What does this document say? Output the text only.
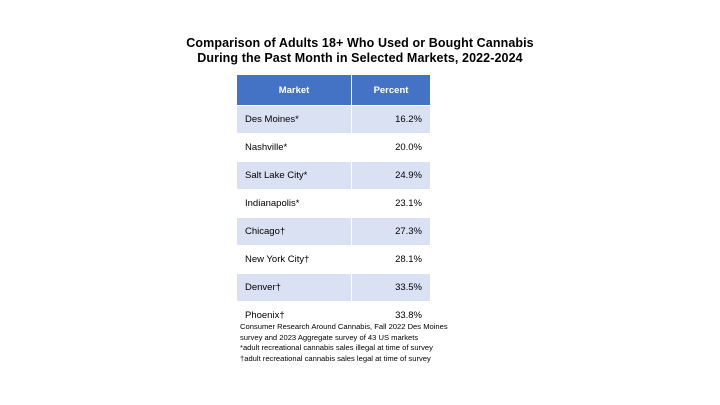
Comparison of Adults 18+ Who Used or Bought Cannabis
During the Past Month in Selected Markets, 2022-2024
Market	Percent
Des Moines*	16.2%
Nashville*	20.0%
Salt Lake City*	24.9%
Indianapolis*	23.1%
Chicago†	27.3%
New York City†	28.1%
Denver†	33.5%
Phoenix†	33.8%
Consumer Research Around Cannabis, Fall 2022 Des Moines
survey and 2023 Aggregate survey of 43 US markets
*adult recreational cannabis sales illegal at time of survey
†adult recreational cannabis sales legal at time of survey
